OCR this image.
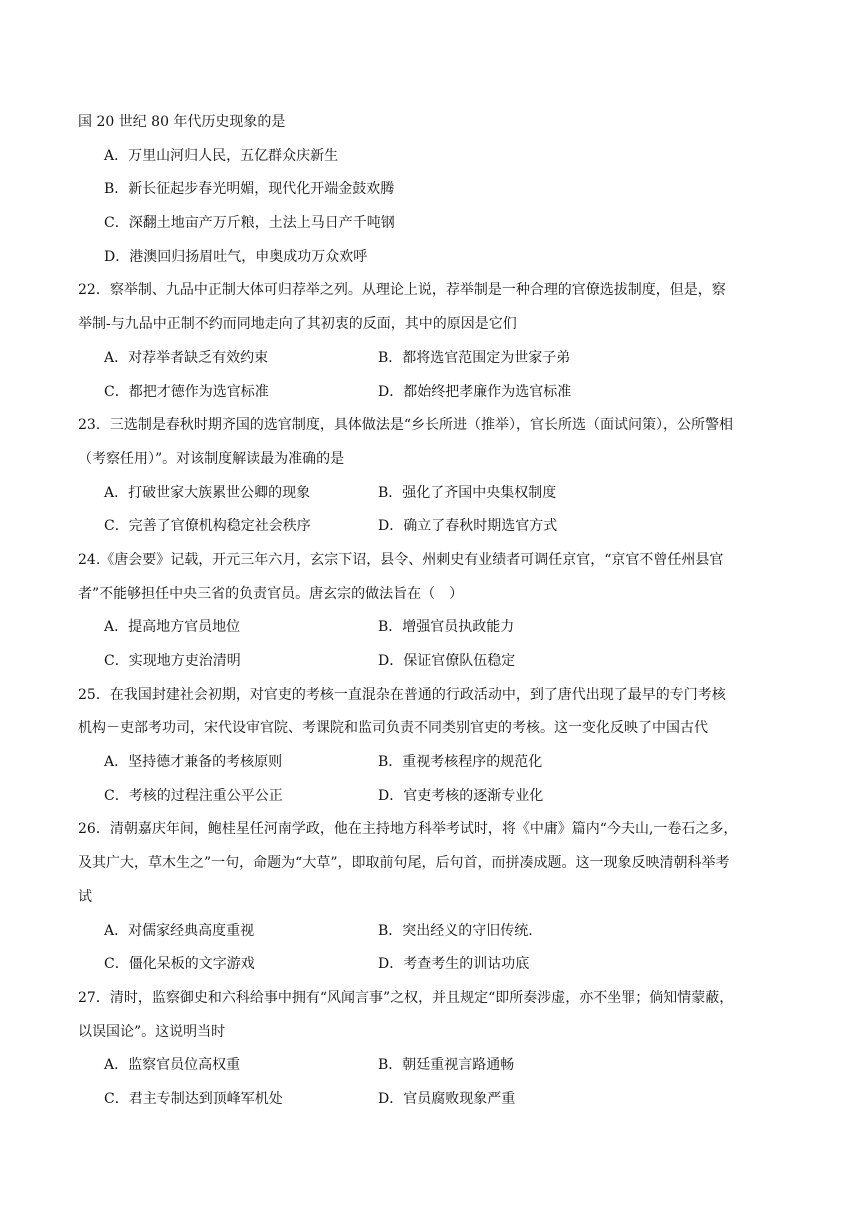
国 20 世纪 80 年代历史现象的是
A．万里山河归人民，五亿群众庆新生
B．新长征起步春光明媚，现代化开端金鼓欢腾
C．深翻土地亩产万斤粮，土法上马日产千吨钢
D．港澳回归扬眉吐气，申奥成功万众欢呼
22．察举制、九品中正制大体可归荐举之列。从理论上说，荐举制是一种合理的官僚选拔制度，但是，察
举制-与九品中正制不约而同地走向了其初衷的反面，其中的原因是它们
A．对荐举者缺乏有效约束	B．都将选官范围定为世家子弟
C．都把才德作为选官标准	D．都始终把孝廉作为选官标准
23．三选制是春秋时期齐国的选官制度，具体做法是“乡长所进（推举），官长所选（面试问策），公所警相
（考察任用）”。对该制度解读最为准确的是
A．打破世家大族累世公卿的现象	B．强化了齐国中央集权制度
C．完善了官僚机构稳定社会秩序	D．确立了春秋时期选官方式
24.《唐会要》记载，开元三年六月，玄宗下诏，县令、州刺史有业绩者可调任京官，“京官不曾任州县官
者”不能够担任中央三省的负责官员。唐玄宗的做法旨在（　）
A．提高地方官员地位	B．增强官员执政能力
C．实现地方吏治清明	D．保证官僚队伍稳定
25．在我国封建社会初期，对官吏的考核一直混杂在普通的行政活动中，到了唐代出现了最早的专门考核
机构－吏部考功司，宋代设审官院、考课院和监司负责不同类别官吏的考核。这一变化反映了中国古代
A．坚持德才兼备的考核原则	B．重视考核程序的规范化
C．考核的过程注重公平公正	D．官吏考核的逐渐专业化
26．清朝嘉庆年间，鲍桂星任河南学政，他在主持地方科举考试时，将《中庸》篇内“今夫山,一卷石之多，
及其广大，草木生之”一句，命题为“大草”，即取前句尾，后句首，而拼凑成题。这一现象反映清朝科举考
试
A．对儒家经典高度重视	B．突出经义的守旧传统.
C．僵化呆板的文字游戏	D．考查考生的训诂功底
27．清时，监察御史和六科给事中拥有“风闻言事”之权，并且规定“即所奏涉虚，亦不坐罪；倘知情蒙蔽，
以误国论”。这说明当时
A．监察官员位高权重	B．朝廷重视言路通畅
C．君主专制达到顶峰军机处	D．官员腐败现象严重
